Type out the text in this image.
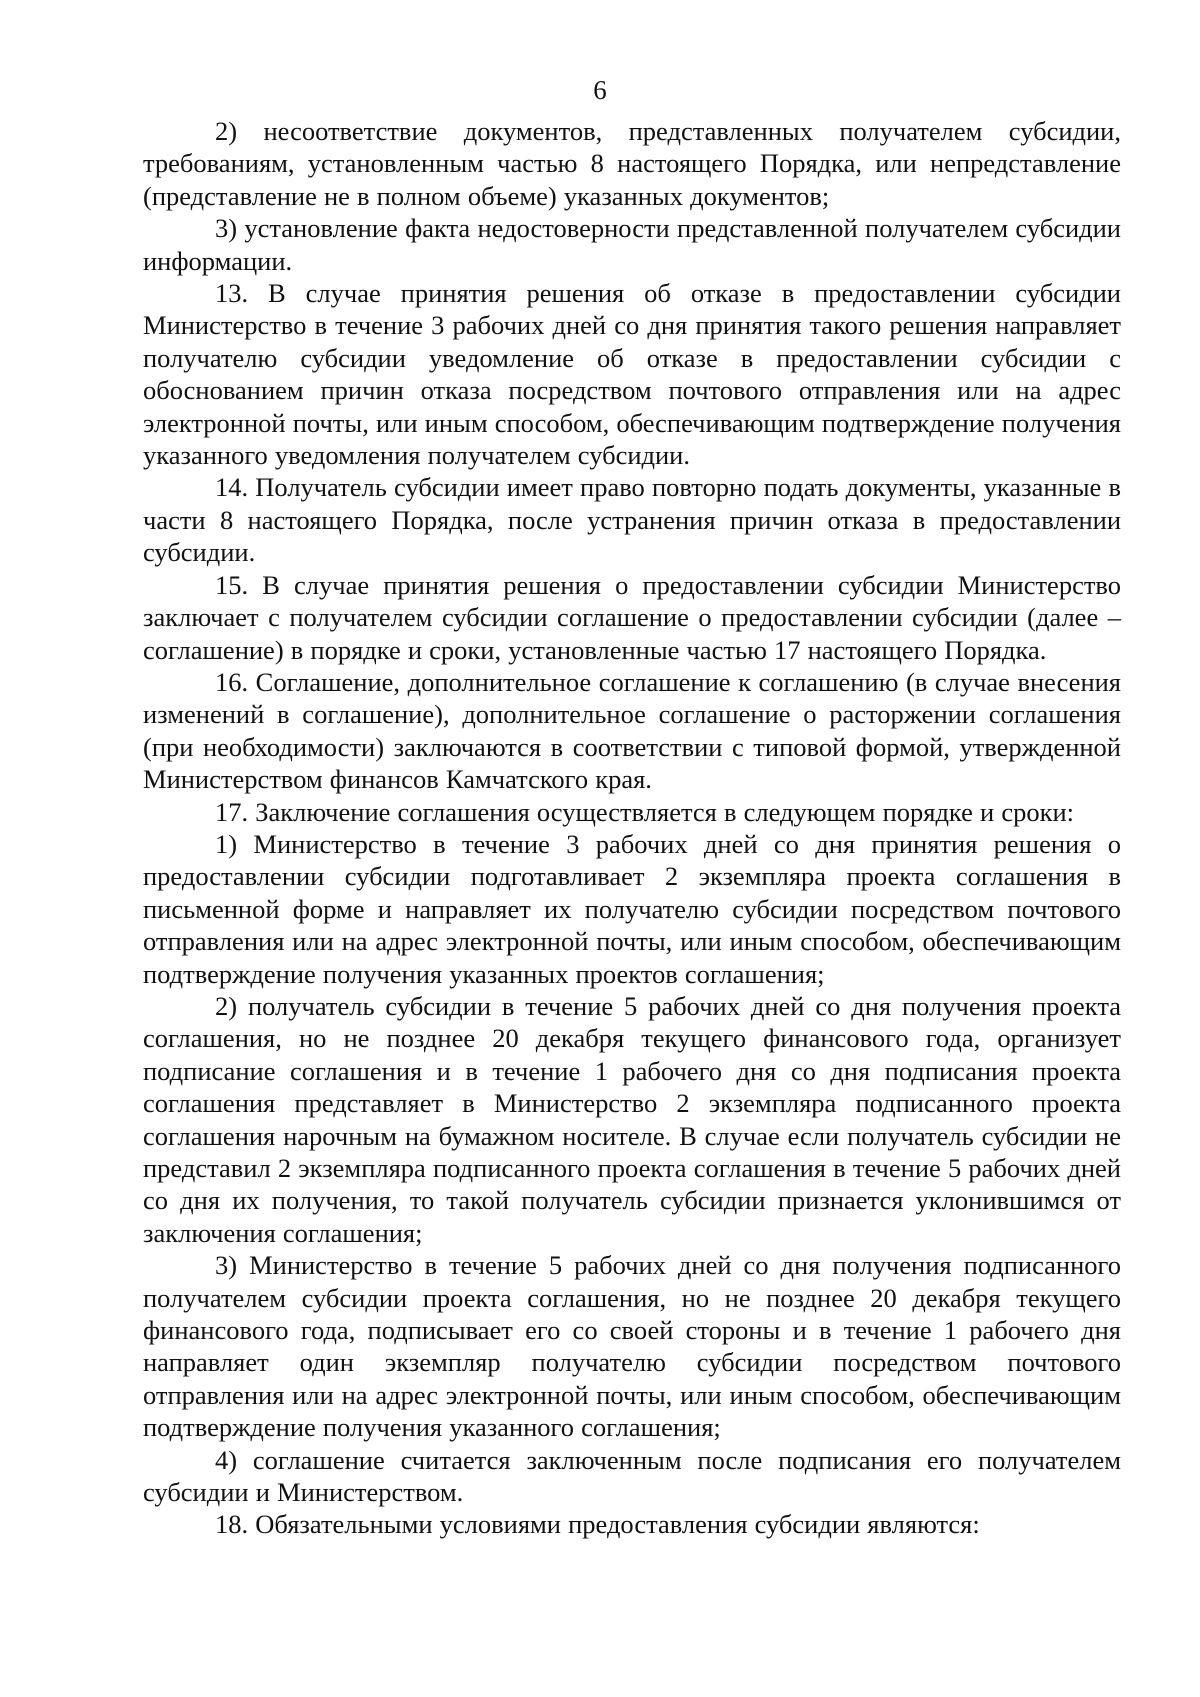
6

2) несоответствие документов, представленных получателем субсидии, требованиям, установленным частью 8 настоящего Порядка, или непредставление (представление не в полном объеме) указанных документов;

3) установление факта недостоверности представленной получателем субсидии информации.

13. В случае принятия решения об отказе в предоставлении субсидии Министерство в течение 3 рабочих дней со дня принятия такого решения направляет получателю субсидии уведомление об отказе в предоставлении субсидии с обоснованием причин отказа посредством почтового отправления или на адрес электронной почты, или иным способом, обеспечивающим подтверждение получения указанного уведомления получателем субсидии.

14. Получатель субсидии имеет право повторно подать документы, указанные в части 8 настоящего Порядка, после устранения причин отказа в предоставлении субсидии.

15. В случае принятия решения о предоставлении субсидии Министерство заключает с получателем субсидии соглашение о предоставлении субсидии (далее – соглашение) в порядке и сроки, установленные частью 17 настоящего Порядка.

16. Соглашение, дополнительное соглашение к соглашению (в случае внесения изменений в соглашение), дополнительное соглашение о расторжении соглашения (при необходимости) заключаются в соответствии с типовой формой, утвержденной Министерством финансов Камчатского края.

17. Заключение соглашения осуществляется в следующем порядке и сроки:

1) Министерство в течение 3 рабочих дней со дня принятия решения о предоставлении субсидии подготавливает 2 экземпляра проекта соглашения в письменной форме и направляет их получателю субсидии посредством почтового отправления или на адрес электронной почты, или иным способом, обеспечивающим подтверждение получения указанных проектов соглашения;

2) получатель субсидии в течение 5 рабочих дней со дня получения проекта соглашения, но не позднее 20 декабря текущего финансового года, организует подписание соглашения и в течение 1 рабочего дня со дня подписания проекта соглашения представляет в Министерство 2 экземпляра подписанного проекта соглашения нарочным на бумажном носителе. В случае если получатель субсидии не представил 2 экземпляра подписанного проекта соглашения в течение 5 рабочих дней со дня их получения, то такой получатель субсидии признается уклонившимся от заключения соглашения;

3) Министерство в течение 5 рабочих дней со дня получения подписанного получателем субсидии проекта соглашения, но не позднее 20 декабря текущего финансового года, подписывает его со своей стороны и в течение 1 рабочего дня направляет один экземпляр получателю субсидии посредством почтового отправления или на адрес электронной почты, или иным способом, обеспечивающим подтверждение получения указанного соглашения;

4) соглашение считается заключенным после подписания его получателем субсидии и Министерством.

18. Обязательными условиями предоставления субсидии являются:
